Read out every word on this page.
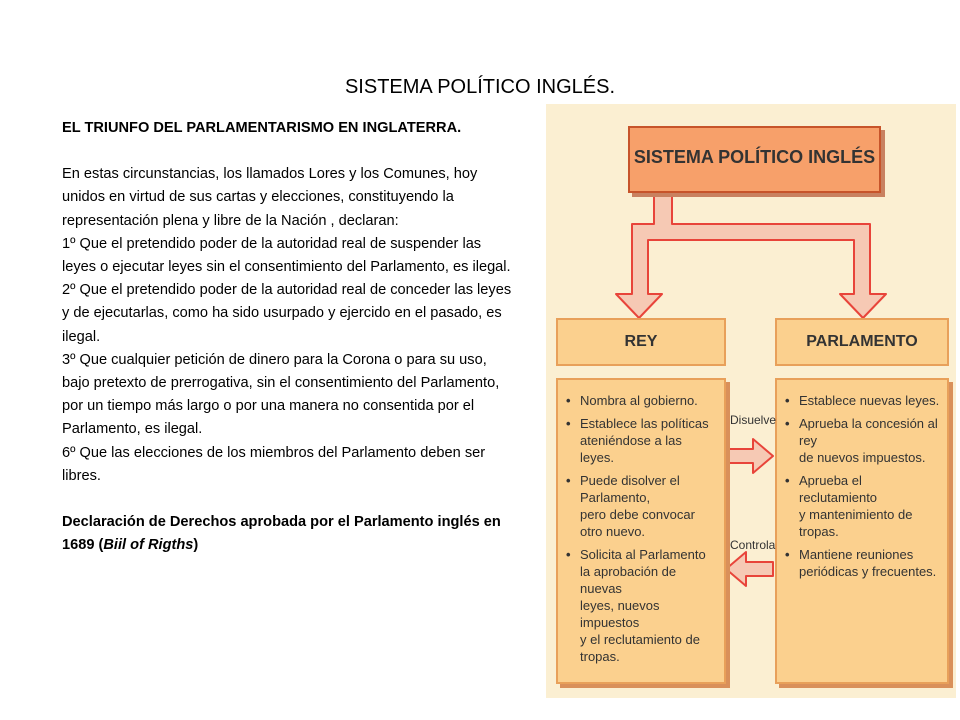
SISTEMA POLÍTICO INGLÉS.

EL TRIUNFO DEL PARLAMENTARISMO EN INGLATERRA.

En estas circunstancias, los llamados Lores y los Comunes, hoy unidos en virtud de sus cartas y elecciones, constituyendo la representación plena y libre de la Nación , declaran:

1º Que el pretendido poder de la autoridad real de suspender las leyes o ejecutar leyes sin el consentimiento del Parlamento, es ilegal.

2º Que el pretendido poder de la autoridad real de conceder las leyes y de ejecutarlas, como ha sido usurpado y ejercido en el pasado, es ilegal.

3º Que cualquier petición de dinero para la Corona o para su uso, bajo pretexto de prerrogativa, sin el consentimiento del Parlamento, por un tiempo más largo o por una manera no consentida por el Parlamento, es ilegal.

6º Que las elecciones de los miembros del Parlamento deben ser libres.

Declaración de Derechos aprobada por el Parlamento inglés en 1689 (Biil of Rigths)

SISTEMA POLÍTICO INGLÉS
REY
• Nombra al gobierno.
• Establece las políticas
ateniéndose a las leyes.
• Puede disolver el Parlamento,
pero debe convocar
otro nuevo.
• Solicita al Parlamento
la aprobación de nuevas
leyes, nuevos impuestos
y el reclutamiento de tropas.
PARLAMENTO
• Establece nuevas leyes.
• Aprueba la concesión al rey
de nuevos impuestos.
• Aprueba el reclutamiento
y mantenimiento de tropas.
• Mantiene reuniones
periódicas y frecuentes.
Disuelve
Controla
